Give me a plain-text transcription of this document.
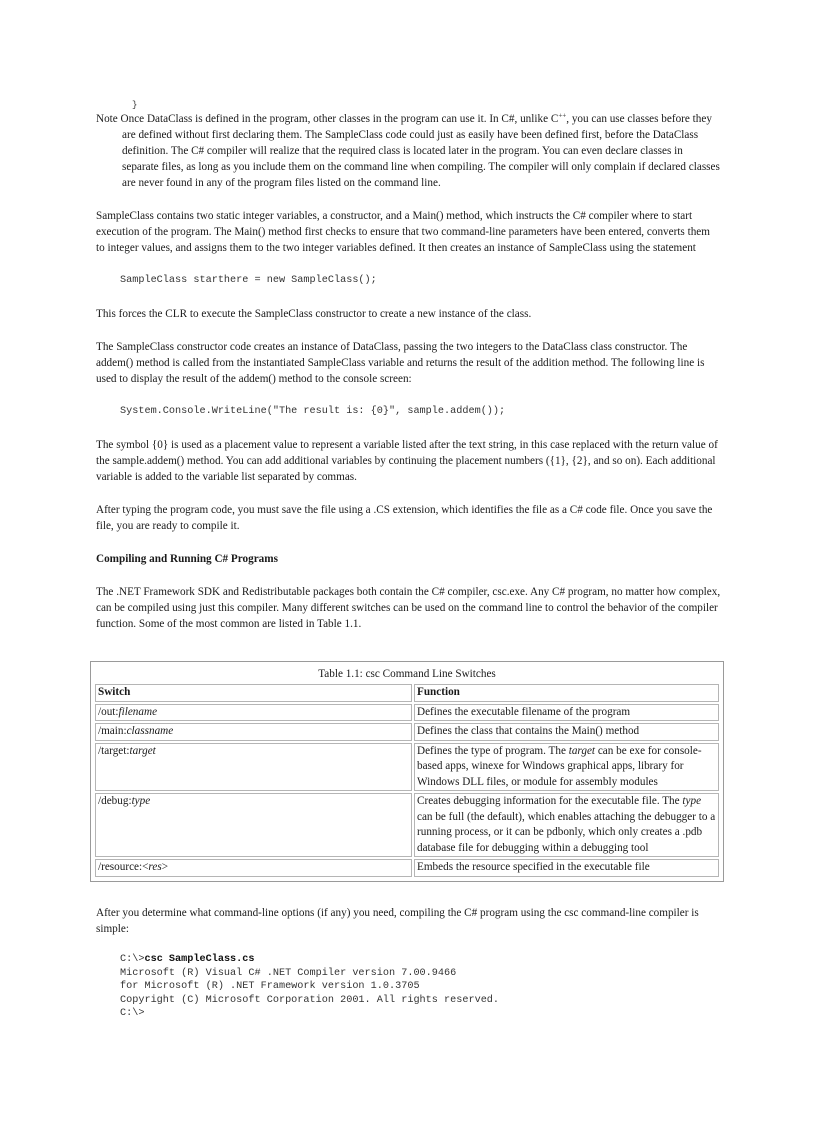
}

Note Once DataClass is defined in the program, other classes in the program can use it. In C#, unlike C++, you can use classes before they are defined without first declaring them. The SampleClass code could just as easily have been defined first, before the DataClass definition. The C# compiler will realize that the required class is located later in the program. You can even declare classes in separate files, as long as you include them on the command line when compiling. The compiler will only complain if declared classes are never found in any of the program files listed on the command line.

SampleClass contains two static integer variables, a constructor, and a Main() method, which instructs the C# compiler where to start execution of the program. The Main() method first checks to ensure that two command-line parameters have been entered, converts them to integer values, and assigns them to the two integer variables defined. It then creates an instance of SampleClass using the statement

SampleClass starthere = new SampleClass();

This forces the CLR to execute the SampleClass constructor to create a new instance of the class.

The SampleClass constructor code creates an instance of DataClass, passing the two integers to the DataClass class constructor. The addem() method is called from the instantiated SampleClass variable and returns the result of the addition method. The following line is used to display the result of the addem() method to the console screen:

System.Console.WriteLine("The result is: {0}", sample.addem());

The symbol {0} is used as a placement value to represent a variable listed after the text string, in this case replaced with the return value of the sample.addem() method. You can add additional variables by continuing the placement numbers ({1}, {2}, and so on). Each additional variable is added to the variable list separated by commas.

After typing the program code, you must save the file using a .CS extension, which identifies the file as a C# code file. Once you save the file, you are ready to compile it.

Compiling and Running C# Programs

The .NET Framework SDK and Redistributable packages both contain the C# compiler, csc.exe. Any C# program, no matter how complex, can be compiled using just this compiler. Many different switches can be used on the command line to control the behavior of the compiler function. Some of the most common are listed in Table 1.1.

Table 1.1: csc Command Line Switches
Switch	Function
/out:filename	Defines the executable filename of the program
/main:classname	Defines the class that contains the Main() method
/target:target	Defines the type of program. The target can be exe for console-based apps, winexe for Windows graphical apps, library for Windows DLL files, or module for assembly modules
/debug:type	Creates debugging information for the executable file. The type can be full (the default), which enables attaching the debugger to a running process, or it can be pdbonly, which only creates a .pdb database file for debugging within a debugging tool
/resource:<res>	Embeds the resource specified in the executable file

After you determine what command-line options (if any) you need, compiling the C# program using the csc command-line compiler is simple:

C:\>csc SampleClass.cs

Microsoft (R) Visual C# .NET Compiler version 7.00.9466

for Microsoft (R) .NET Framework version 1.0.3705

Copyright (C) Microsoft Corporation 2001. All rights reserved.

C:\>
